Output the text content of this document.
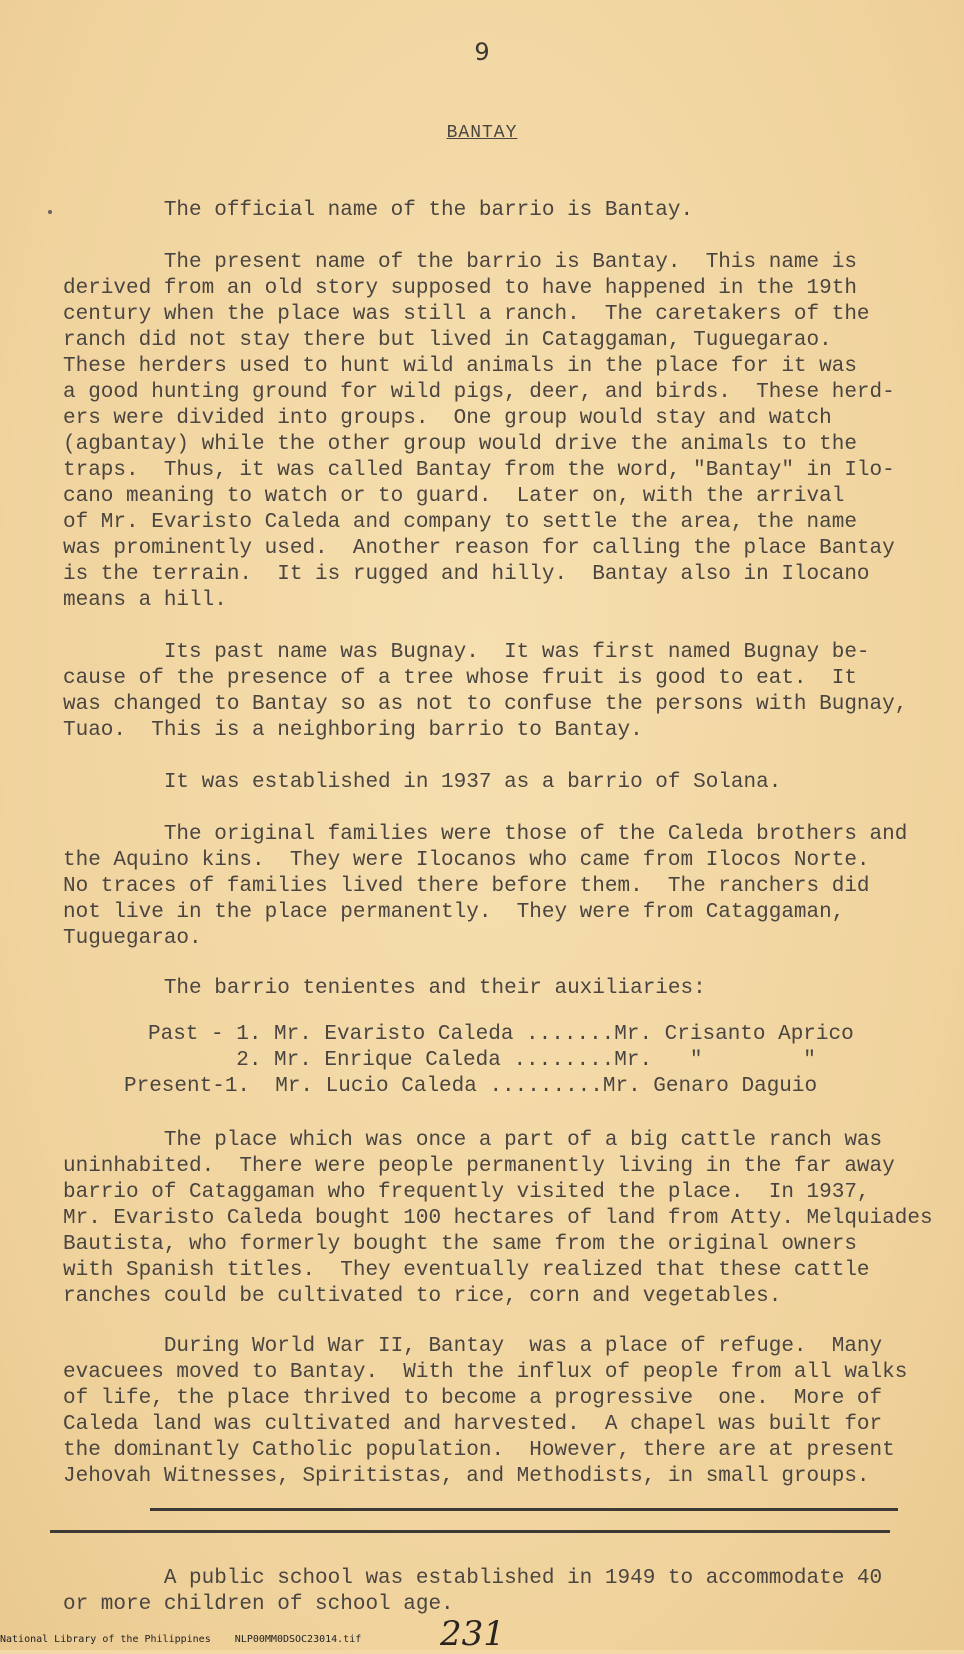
9
BANTAY
The official name of the barrio is Bantay.
The present name of the barrio is Bantay.  This name is
derived from an old story supposed to have happened in the 19th
century when the place was still a ranch.  The caretakers of the
ranch did not stay there but lived in Cataggaman, Tuguegarao.
These herders used to hunt wild animals in the place for it was
a good hunting ground for wild pigs, deer, and birds.  These herd-
ers were divided into groups.  One group would stay and watch
(agbantay) while the other group would drive the animals to the
traps.  Thus, it was called Bantay from the word, "Bantay" in Ilo-
cano meaning to watch or to guard.  Later on, with the arrival
of Mr. Evaristo Caleda and company to settle the area, the name
was prominently used.  Another reason for calling the place Bantay
is the terrain.  It is rugged and hilly.  Bantay also in Ilocano
means a hill.
Its past name was Bugnay.  It was first named Bugnay be-
cause of the presence of a tree whose fruit is good to eat.  It
was changed to Bantay so as not to confuse the persons with Bugnay,
Tuao.  This is a neighboring barrio to Bantay.
It was established in 1937 as a barrio of Solana.
The original families were those of the Caleda brothers and
the Aquino kins.  They were Ilocanos who came from Ilocos Norte.
No traces of families lived there before them.  The ranchers did
not live in the place permanently.  They were from Cataggaman,
Tuguegarao.
The barrio tenientes and their auxiliaries:
Past - 1. Mr. Evaristo Caleda .......Mr. Crisanto Aprico
2. Mr. Enrique Caleda ........Mr.   "        "
Present-1.  Mr. Lucio Caleda .........Mr. Genaro Daguio
The place which was once a part of a big cattle ranch was
uninhabited.  There were people permanently living in the far away
barrio of Cataggaman who frequently visited the place.  In 1937,
Mr. Evaristo Caleda bought 100 hectares of land from Atty. Melquiades
Bautista, who formerly bought the same from the original owners
with Spanish titles.  They eventually realized that these cattle
ranches could be cultivated to rice, corn and vegetables.
During World War II, Bantay  was a place of refuge.  Many
evacuees moved to Bantay.  With the influx of people from all walks
of life, the place thrived to become a progressive  one.  More of
Caleda land was cultivated and harvested.  A chapel was built for
the dominantly Catholic population.  However, there are at present
Jehovah Witnesses, Spiritistas, and Methodists, in small groups.
A public school was established in 1949 to accommodate 40
or more children of school age.
231
National Library of the Philippines    NLP00MM0DSOC23014.tif
